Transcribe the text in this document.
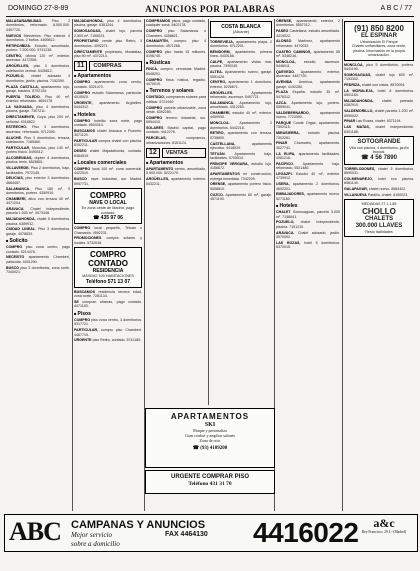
DOMINGO 27-8-89	ANUNCIOS POR PALABRAS	A B C / 77

MALASAÑA/BILBAO.	Piso 2 dormitorios, reformado. 8.500.000. 4457720.

NUEVOS Ministerios. Piso exterior 4 dormitorios, 2 baños. 4469812.

RETIRO/IBIZA. Estudio, amueblado, portero. 7.200.000. 5741236.

CENTRO, oficina 120 m², exterior, ascensor. 4472356.

ARGÜELLES, piso 3 dormitorios, calefacción central. 5435812.

POZUELO, chalet adosado 4 dormitorios, jardín, piscina. 7152390.

PLAZA CASTILLA, apartamento lujo, garaje, trastero. 5702134.

PUERTA TOLEDO. Piso 90 m², exterior, reformado. 4654178.

LA VAGUADA, piso 4 dormitorios, piscina, garaje. 7307211.

DIRECTAMENTE, Goya, piso 200 m², señorial. 4318822.

ESTRECHO. Piso 3 dormitorios, ascensor, reformado. 5712390.

ALUCHE. Piso 3 dormitorios, terraza, calefacción. 7185560.

PARTICULAR, Moncloa, piso 140 m², portero físico. 5490012.

ALCOBENDAS, dúplex 4 dormitorios, piscina, tenis. 6528801.

VILLAVERDE. Piso 2 dormitorios, bajo, facilidades. 7972145.

DELICIAS, piso exterior 3 dormitorios. 4684457.

SALAMANCA. Piso 180 m², 5 dormitorios, portero. 4350910.

CHAMBERÍ, ático con terraza 40 m². 4471204.

ARAVACA. Chalet independiente, parcela 1.000 m². 3073348.

MAJADAHONDA, chalet 5 dormitorios, piscina. 6389912.

CIUDAD LINEAL. Piso 3 dormitorios, garaje. 4078833.

■ Solicito

COMPRO piso zona centro, pago contado. 5214478.

NECESITO apartamento Chamberí, particular. 4451290.

BUSCO piso 3 dormitorios, zona norte. 7340021.

MAJADAHONDA, piso 4 dormitorios, piscina, garaje. 6381244.

SOMOSAGUAS, chalet lujo, parcela 2.500 m². 7155023.

PROPIETARIO vende piso Retiro, 3 dormitorios. 4092271.

DIRECTAMENTE propietario, Moratalaz, piso 90 m². 4372214.

11	COMPRAS
■ Apartamentos

COMPRO apartamento zona centro, contado. 5321470.

COMPRO estudio Salamanca, particular. 4015520.

URGENTE, apartamento Argüelles. 5444312.

■ Hoteles

COMPRO hotelito zona norte, pago contado. 6503314.

BUSCAMOS chalet Aravaca o Pozuelo. 3071120.

PARTICULAR compra chalet con piscina. 8152211.

DESEO chalet Majadahonda, contado. 6384519.

■ Locales comerciales

COMPRO local 100 m², zona comercial. 4422510.

BUSCO nave industrial, sur Madrid. 6957731.

COMPRO
NAVE O LOCAL
En zona oeste de Madrid, pago contado.
☎ 435 97 06

COMPRO local pequeño, Tetuán o Chamartín. 4592231.

PROMOCIONES compra solares y locales. 5732618.

COMPRO CONTADO
RESIDENCIA
MÁXIMO 100 HABITACIONES
Teléfono 571 13 07

BUSCAMOS residencia tercera edad, zona norte. 7281134.

SE compran oficinas, pago contado. 4471183.

■ Pisos

COMPRO piso zona centro, 3 dormitorios. 5317721.

PARTICULAR, compro piso Chamberí. 4467710.

URGENTE piso Retiro, contado. 5741180.

COMPRAMOS pisos, pago contado, cualquier zona. 5402178.

COMPRO piso Salamanca o Chamberí. 4358821.

CHAMARTÍN, compro piso 4 dormitorios. 4571288.

COMPRO piso hasta 15 millones. 5196740.

■ Rústicas

FINCA, compro, cercanías Madrid. 6548201.

COMPRO finca rústica, regadío. 4470019.

■ Terrenos y solares

CONTADO, compramos solares para edificar. 5721940.

COMPRO parcela urbanizable, zona oeste. 6392280.

COMPRO terreno industrial, sur. 6954410.

SOLARES Madrid capital, pago contado. 4412276.

PARCELAS,	compramos, urbanizaciones. 8151124.

12	VENTAS
■ Apartamentos

APARTAMENTO centro, amueblado, 5.500.000. 5222170.

ARGÜELLES, apartamento exterior. 5432211.

COSTA BLANCA
(Alicante)

TORREVIEJA, apartamento playa, 2 dormitorios. 5712201.

BENIDORM, apartamento primera línea. 4430188.

CALPE, apartamento vistas mar, piscina. 7390045.

ALTEA. Apartamento nuevo, garaje. 5551428.

CENTRO, apartamento 1 dormitorio, exterior. 5226671.

ARGÜELLES.	Apartamento reformado, ascensor. 5497721.

SALAMANCA. Apartamento lujo, amueblado. 4312260.

CHAMBERÍ, estudio 40 m², exterior. 4459930.

MONCLOA.	Apartamento 2 dormitorios. 5442218.

RETIRO, apartamento con terraza. 5738800.

CASTELLANA,	apartamento ejecutivo. 4418020.

TETUÁN. Apartamento bajo, facilidades. 5705514.

PRÍNCIPE VERGARA, estudio lujo. 4156672.

APARTAMENTOS en construcción, entrega inmediata. 7342209.

ORENSE, apartamento portero físico. 5558810.

CUZCO. Apartamento 60 m², garaje. 4571190.

ORENSE, apartamento exterior, 2 dormitorios. 5557312.

PASEO Castellana, estudio amueblado. 4419022.

ALONSO Martínez, apartamento reformado. 4470032.

CUATRO CAMINOS, apartamento 55 m². 5348216.

MONCLOA, estudio, ascensor. 5446011.

QUEVEDO. Apartamento exterior, ascensor. 4487720.

AVENIDA América, apartamento garaje. 4152280.

PLAZA España, estudio 35 m². 5476312.

AZCA. Apartamento lujo, portero. 5559041.

VALDEBERNARDO,	apartamento nuevo. 7723390.

PARQUE Conde Orgaz, apartamento. 7592115.

MIRASIERRA, estudio piscina. 7302281.

PINAR Chamartín, apartamento. 3027741.

LA ELIPA, apartamento facilidades. 4081216.

PACÍFICO. Apartamento bajo, reformado. 5521480.

LEGAZPI. Estudio 40 m², exterior. 4739912.

USERA, apartamento 2 dormitorios. 4692201.

EMBAJADORES, apartamento nuevo. 5271180.

■ Hoteles

CHALET Somosaguas, parcela 3.000 m². 7156641.

POZUELO, chalet independiente, piscina. 7151210.

ARAVACA. Chalet adosado, jardín. 3070092.

LAS ROZAS, hotel 5 dormitorios. 6370015.

(91) 850 8200
EL ESPINAR
Urbanización El Parque
Chalets unifamiliares, zona verde, piscina. Información en la propia urbanización.

MONCLOA, piso 5 dormitorios, portero. 5441190.

SOMOSAGUAS, chalet lujo 600 m². 7153302.

PEDRIZA, chalet con vistas. 8570094.

LA MORALEJA, hotel 8 dormitorios. 6501184.

MAJADAHONDA, chalet pareado. 6382910.

VALDEMORILLO, chalet parcela 1.200 m². 8990022.

PINAR Las Rozas, chalet. 6371194.

LAS MATAS, chalet independiente. 6301188.

SOTOGRANDE
Villa con piscina, 4 dormitorios, jardín tropical.
☎ 4 56 7890

TORRELODONES, chalet 5 dormitorios. 8590031.

COLMENAREJO, hotel con piscina. 8581140.

GALAPAGAR, chalet nuevo. 8584402.

VILLANUEVA Pardillo, chalet. 8150023.

MEDIADAS 27 1.1.89
CHOLLO
CHALETS
300.000 LLAVES
Resto facilidades
APARTAMENTOS
SKI
Ebique y personaliza
Gran confort y amplios salones
Zona de ocio
☎ (93) 4109200
URGENTE COMPRAR PISO
Teléfono 431 31 70
ABC CAMPANAS Y ANUNCIOS
Mejor servicio
sobre a domicilio
FAX 4464130 4416022	a&c
Rey Francisco, 29 4.ª (Madrid)
